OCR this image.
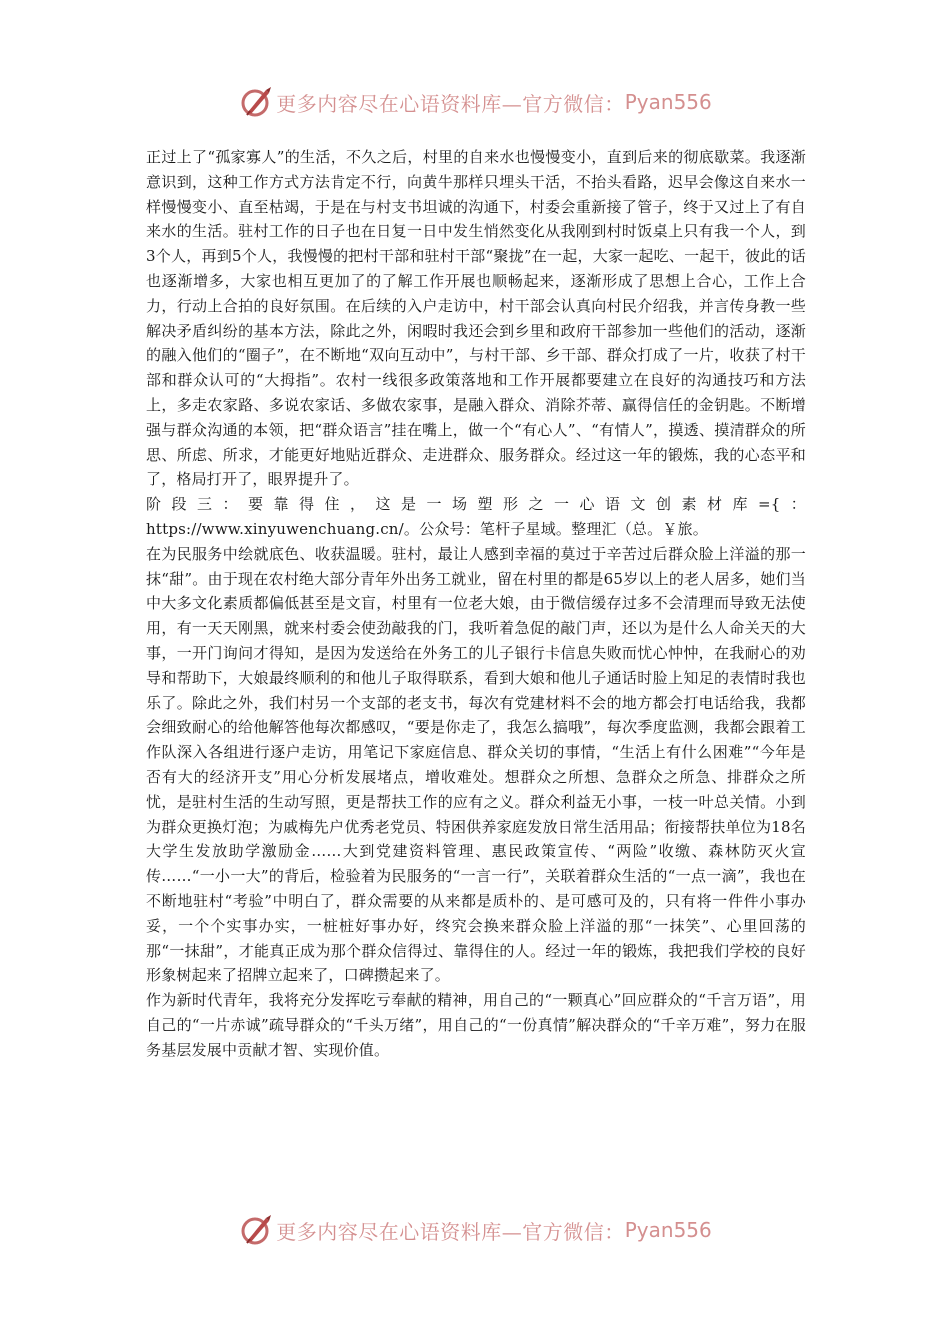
更多内容尽在心语资料库—官方微信： Pyan556

正过上了“孤家寡人”的生活，不久之后，村里的自来水也慢慢变小，直到后来的彻底歇菜。我逐渐意识到，这种工作方式方法肯定不行，向黄牛那样只埋头干活，不抬头看路，迟早会像这自来水一样慢慢变小、直至枯竭，于是在与村支书坦诚的沟通下，村委会重新接了管子，终于又过上了有自来水的生活。驻村工作的日子也在日复一日中发生悄然变化从我刚到村时饭桌上只有我一个人，到3个人，再到5个人，我慢慢的把村干部和驻村干部“聚拢”在一起，大家一起吃、一起干，彼此的话也逐渐增多，大家也相互更加了的了解工作开展也顺畅起来，逐渐形成了思想上合心，工作上合力，行动上合拍的良好氛围。在后续的入户走访中，村干部会认真向村民介绍我，并言传身教一些解决矛盾纠纷的基本方法，除此之外，闲暇时我还会到乡里和政府干部参加一些他们的活动，逐渐的融入他们的“圈子”，在不断地“双向互动中”，与村干部、乡干部、群众打成了一片，收获了村干部和群众认可的“大拇指”。农村一线很多政策落地和工作开展都要建立在良好的沟通技巧和方法上，多走农家路、多说农家话、多做农家事，是融入群众、消除芥蒂、赢得信任的金钥匙。不断增强与群众沟通的本领，把“群众语言”挂在嘴上，做一个“有心人”、“有情人”，摸透、摸清群众的所思、所虑、所求，才能更好地贴近群众、走进群众、服务群众。经过这一年的锻炼，我的心态平和了，格局打开了，眼界提升了。

阶段三：要靠得住，这是一场塑形之一心语文创素材库={：https://www.xinyuwenchuang.cn/。公众号：笔杆子星域。整理汇（总。￥旅。

在为民服务中绘就底色、收获温暖。驻村，最让人感到幸福的莫过于辛苦过后群众脸上洋溢的那一抹“甜”。由于现在农村绝大部分青年外出务工就业，留在村里的都是65岁以上的老人居多，她们当中大多文化素质都偏低甚至是文盲，村里有一位老大娘，由于微信缓存过多不会清理而导致无法使用，有一天天刚黑，就来村委会使劲敲我的门，我听着急促的敲门声，还以为是什么人命关天的大事，一开门询问才得知，是因为发送给在外务工的儿子银行卡信息失败而忧心忡忡，在我耐心的劝导和帮助下，大娘最终顺利的和他儿子取得联系，看到大娘和他儿子通话时脸上知足的表情时我也乐了。除此之外，我们村另一个支部的老支书，每次有党建材料不会的地方都会打电话给我，我都会细致耐心的给他解答他每次都感叹，“要是你走了，我怎么搞哦”，每次季度监测，我都会跟着工作队深入各组进行逐户走访，用笔记下家庭信息、群众关切的事情，“生活上有什么困难”“今年是否有大的经济开支”用心分析发展堵点，增收难处。想群众之所想、急群众之所急、排群众之所忧，是驻村生活的生动写照，更是帮扶工作的应有之义。群众利益无小事，一枝一叶总关情。小到为群众更换灯泡；为戚梅先户优秀老党员、特困供养家庭发放日常生活用品；衔接帮扶单位为18名大学生发放助学激励金……大到党建资料管理、惠民政策宣传、“两险”收缴、森林防灭火宣传……“一小一大”的背后，检验着为民服务的“一言一行”，关联着群众生活的“一点一滴”，我也在不断地驻村“考验”中明白了，群众需要的从来都是质朴的、是可感可及的，只有将一件件小事办妥，一个个实事办实，一桩桩好事办好，终究会换来群众脸上洋溢的那“一抹笑”、心里回荡的那“一抹甜”，才能真正成为那个群众信得过、靠得住的人。经过一年的锻炼，我把我们学校的良好形象树起来了招牌立起来了，口碑攒起来了。

作为新时代青年，我将充分发挥吃亏奉献的精神，用自己的“一颗真心”回应群众的“千言万语”，用自己的“一片赤诚”疏导群众的“千头万绪”，用自己的“一份真情”解决群众的“千辛万难”，努力在服务基层发展中贡献才智、实现价值。

更多内容尽在心语资料库—官方微信： Pyan556
